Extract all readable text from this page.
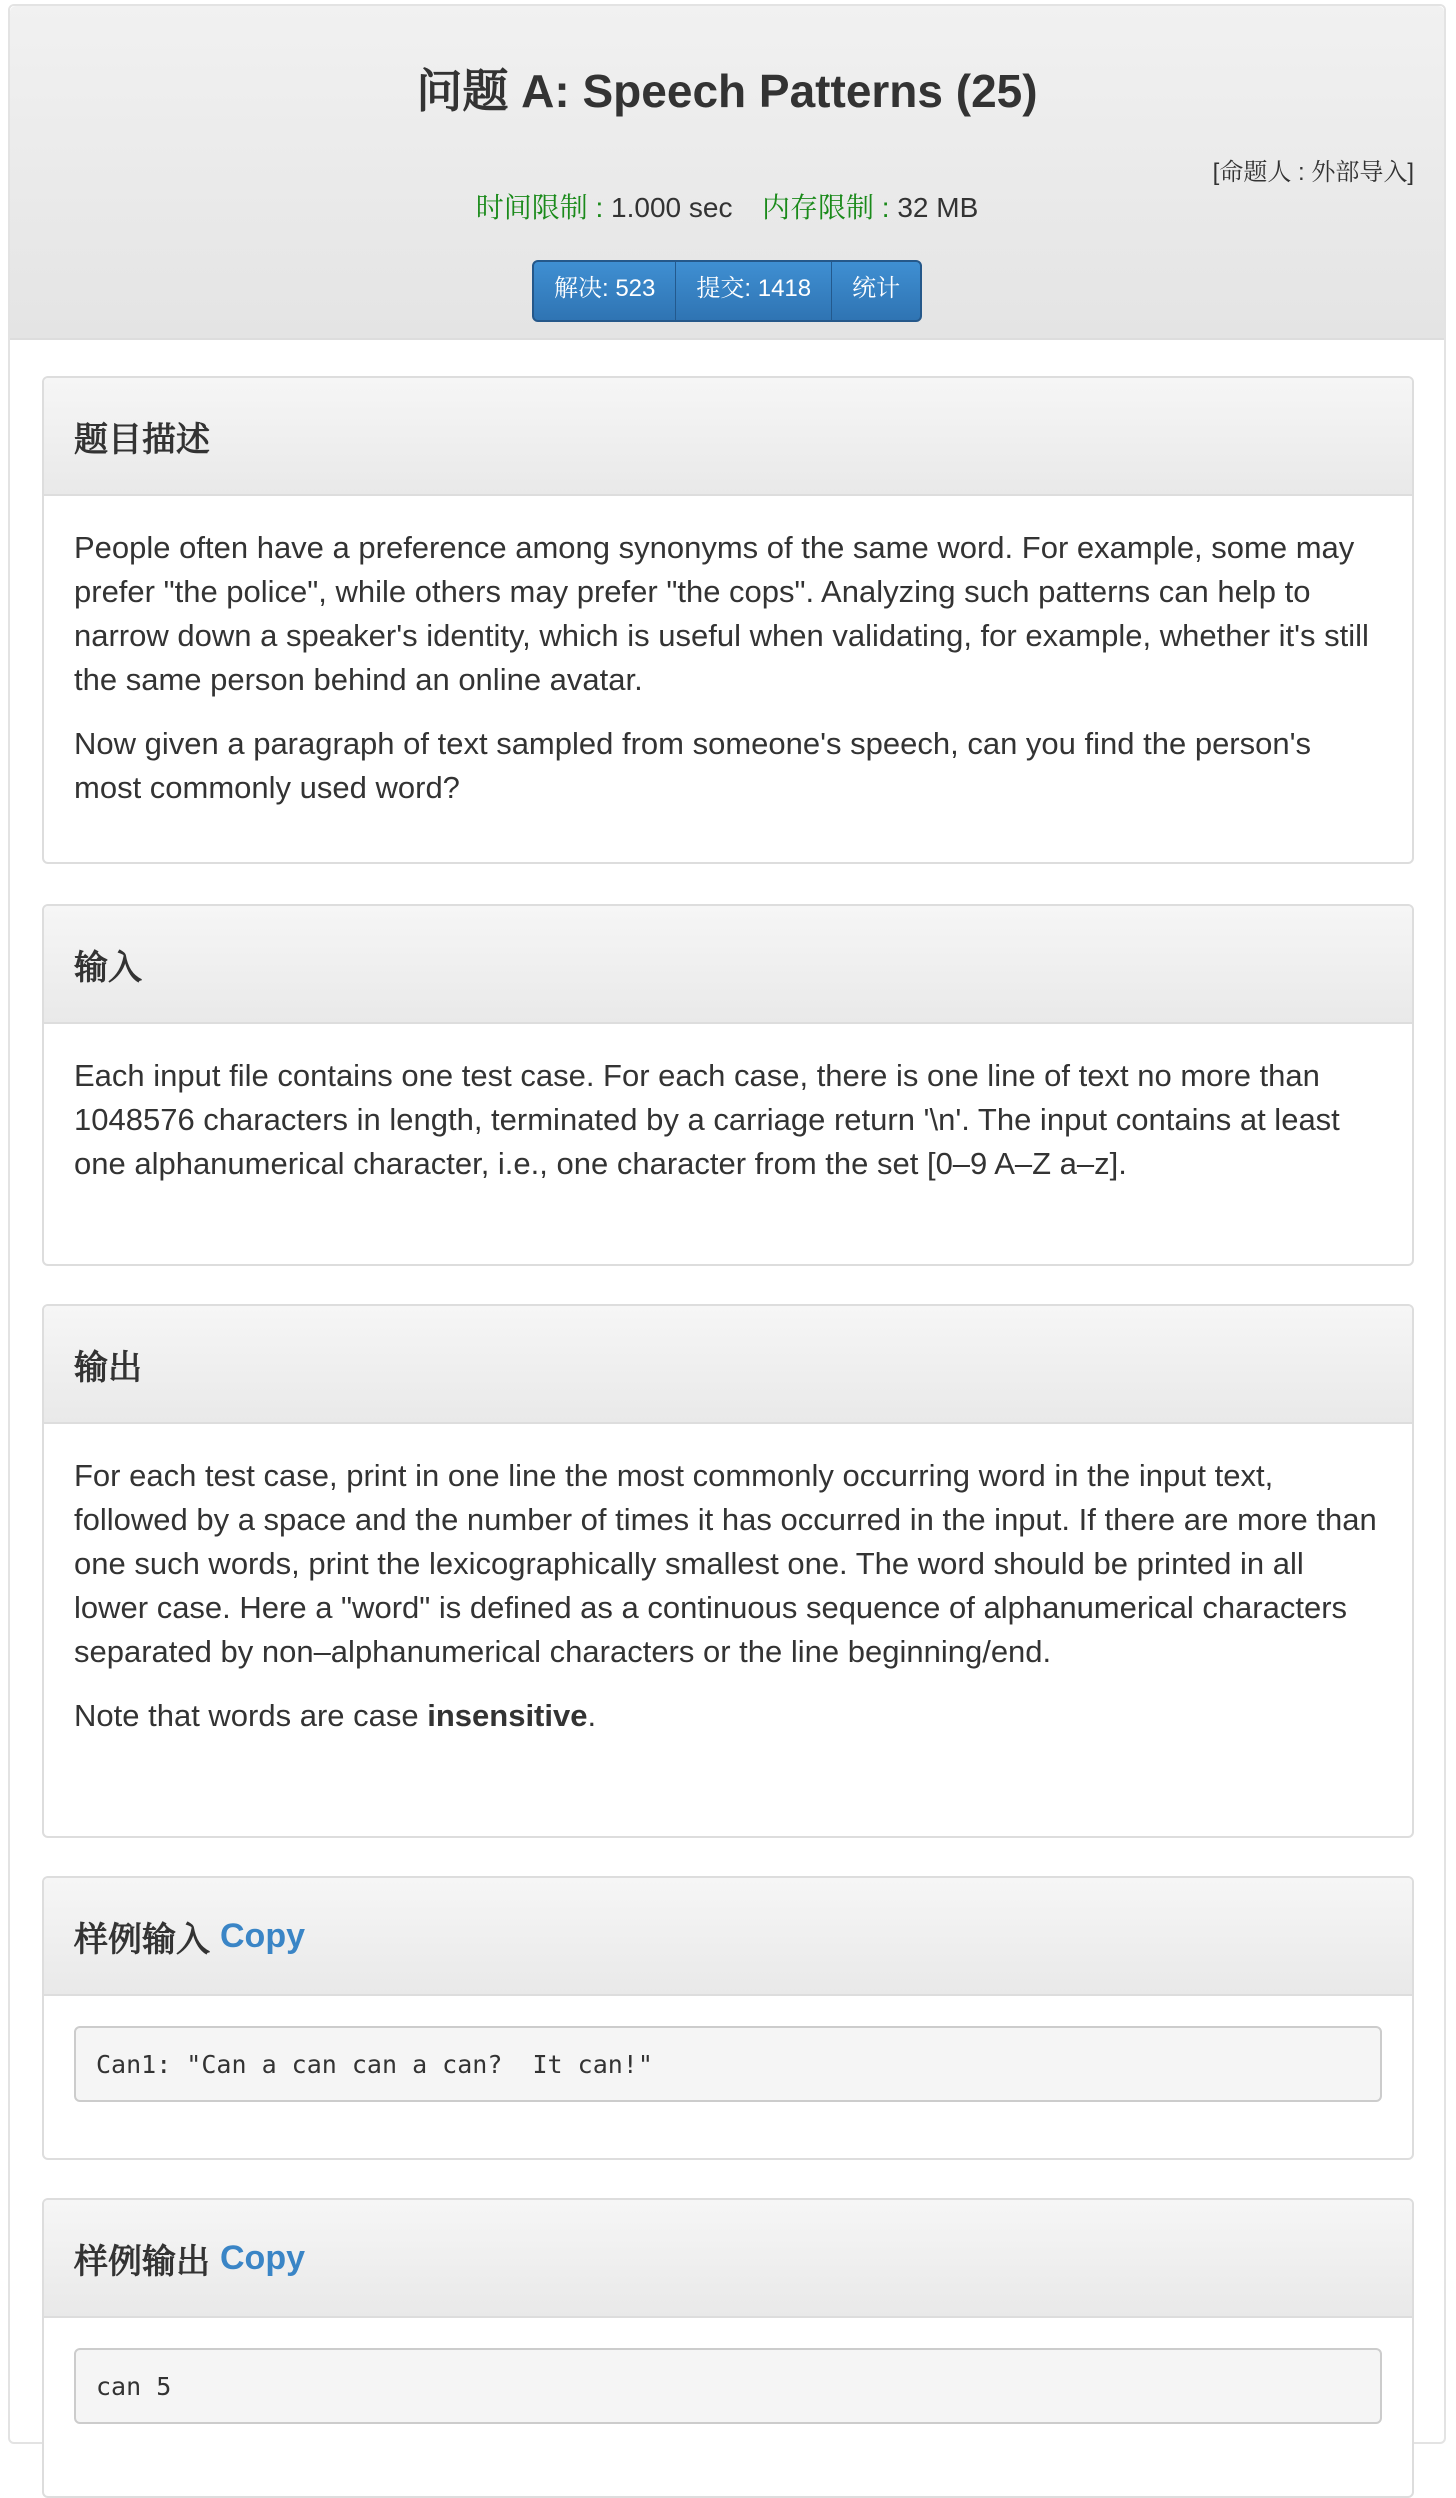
问题 A: Speech Patterns (25)
[命题人 : 外部导入]
时间限制 : 1.000 sec 内存限制 : 32 MB
解决: 523	提交: 1418	统计
题目描述

People often have a preference among synonyms of the same word. For example, some may prefer "the police", while others may prefer "the cops". Analyzing such patterns can help to narrow down a speaker's identity, which is useful when validating, for example, whether it's still the same person behind an online avatar.

Now given a paragraph of text sampled from someone's speech, can you find the person's most commonly used word?

输入

Each input file contains one test case. For each case, there is one line of text no more than 1048576 characters in length, terminated by a carriage return '\n'. The input contains at least one alphanumerical character, i.e., one character from the set [0–9 A–Z a–z].

输出

For each test case, print in one line the most commonly occurring word in the input text, followed by a space and the number of times it has occurred in the input. If there are more than one such words, print the lexicographically smallest one. The word should be printed in all lower case. Here a "word" is defined as a continuous sequence of alphanumerical characters separated by non–alphanumerical characters or the line beginning/end.

Note that words are case insensitive.

样例输入 Copy
Can1: "Can a can can a can?  It can!"
样例输出 Copy
can 5
